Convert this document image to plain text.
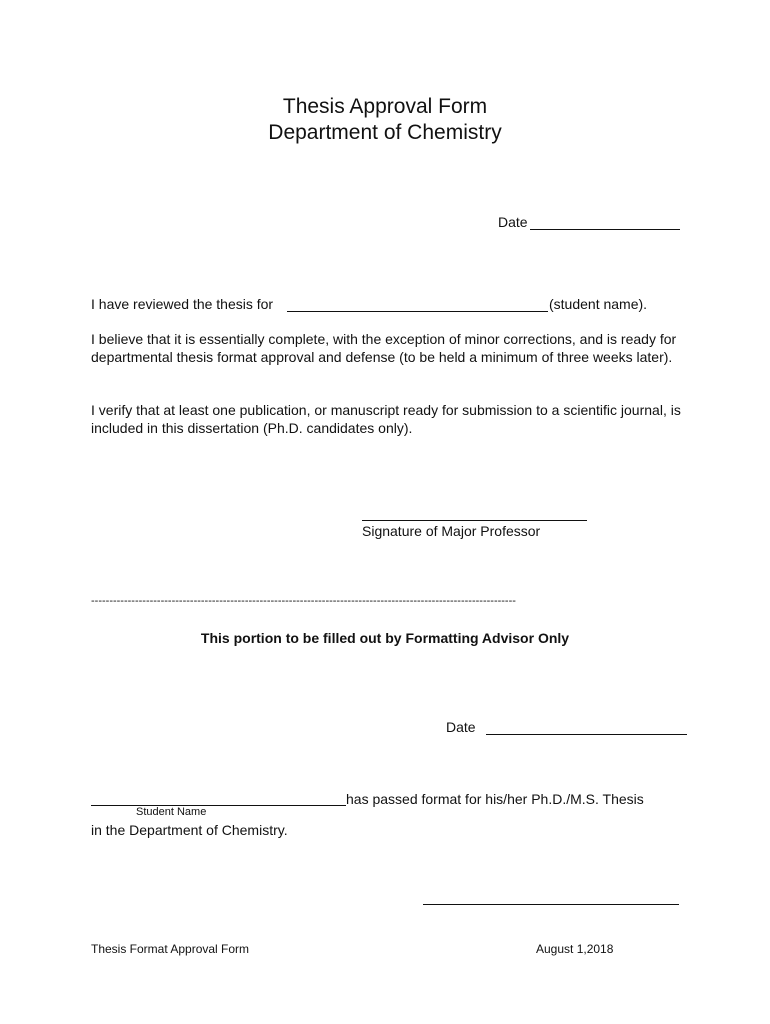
Thesis Approval Form
Department of Chemistry
Date
I have reviewed the thesis for	(student name).

I believe that it is essentially complete, with the exception of minor corrections, and is ready for departmental thesis format approval and defense (to be held a minimum of three weeks later).

I verify that at least one publication, or manuscript ready for submission to a scientific journal, is included in this dissertation (Ph.D. candidates only).

Signature of Major Professor
--------------------------------------------------------------------------------------------------------------------
This portion to be filled out by Formatting Advisor Only
Date
has passed format for his/her Ph.D./M.S. Thesis
Student Name
in the Department of Chemistry.
Thesis Format Approval Form	August 1,2018
